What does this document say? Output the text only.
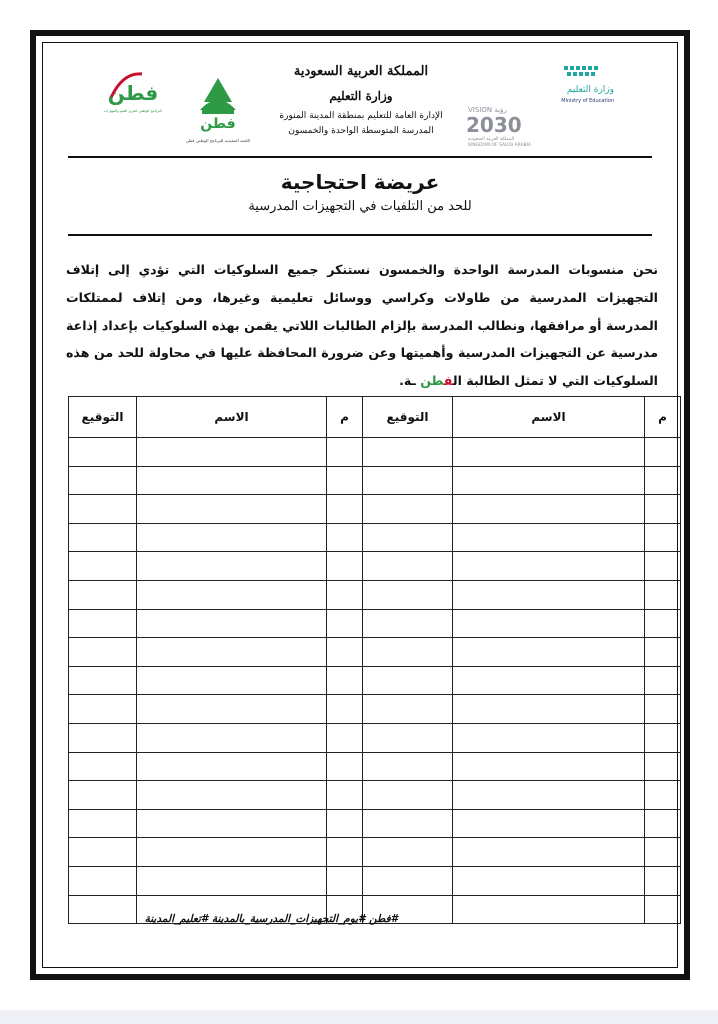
المملكة العربية السعودية
وزارة التعليم
الإدارة العامة للتعليم بمنطقة المدينة المنورة
المدرسة المتوسطة الواحدة والخمسون
وزارة التعليم
Ministry of Education
VISION رؤية
2030
المملكة العربية السعودية
KINGDOM OF SAUDI ARABIA
فطن
اللجنة التنفيذية للبرنامج الوطني فطن
فطن
البرنامج الوطني لتعزيز القيم والمهارات
عريضة احتجاجية
للحد من التلفيات في التجهيزات المدرسية
نحن منسوبات المدرسة الواحدة والخمسون نستنكر جميع السلوكيات التي تؤدي إلى إتلاف التجهيزات المدرسية من طاولات وكراسي ووسائل تعليمية وغيرها، ومن إتلاف لممتلكات المدرسة أو مرافقها، ونطالب المدرسة بإلزام الطالبات اللاتي يقمن بهذه السلوكيات بإعداد إذاعة مدرسية عن التجهيزات المدرسية وأهميتها وعن ضرورة المحافظة عليها في محاولة للحد من هذه السلوكيات التي لا تمثل الطالبة الفطن ـة.
م	الاسم	التوقيع	م	الاسم	التوقيع

#فطن #يوم_التجهيزات_المدرسية_بالمدينة #تعليم_المدينة
